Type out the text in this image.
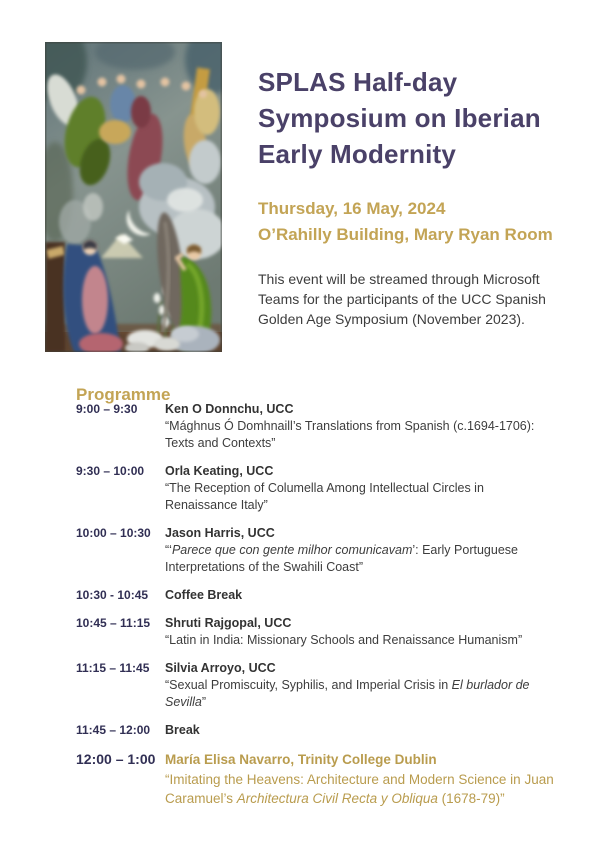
SPLAS Half-day
Symposium on Iberian
Early Modernity
Thursday, 16 May, 2024
O’Rahilly Building, Mary Ryan Room

This event will be streamed through Microsoft
Teams for the participants of the UCC Spanish
Golden Age Symposium (November 2023).

Programme
9:00 – 9:30	Ken O Donnchu, UCC

“Mághnus Ó Domhnaill’s Translations from Spanish (c.1694-1706): Texts and Contexts”

9:30 – 10:00	Orla Keating, UCC

“The Reception of Columella Among Intellectual Circles in Renaissance Italy”

10:00 – 10:30	Jason Harris, UCC

“‘Parece que con gente milhor comunicavam’: Early Portuguese Interpretations of the Swahili Coast”

10:30 - 10:45	Coffee Break
10:45 – 11:15	Shruti Rajgopal, UCC

“Latin in India: Missionary Schools and Renaissance Humanism”

11:15 – 11:45	Silvia Arroyo, UCC

“Sexual Promiscuity, Syphilis, and Imperial Crisis in El burlador de Sevilla”

11:45 – 12:00	Break
12:00 – 1:00 María Elisa Navarro, Trinity College Dublin

“Imitating the Heavens: Architecture and Modern Science in Juan Caramuel’s Architectura Civil Recta y Obliqua (1678-79)”
